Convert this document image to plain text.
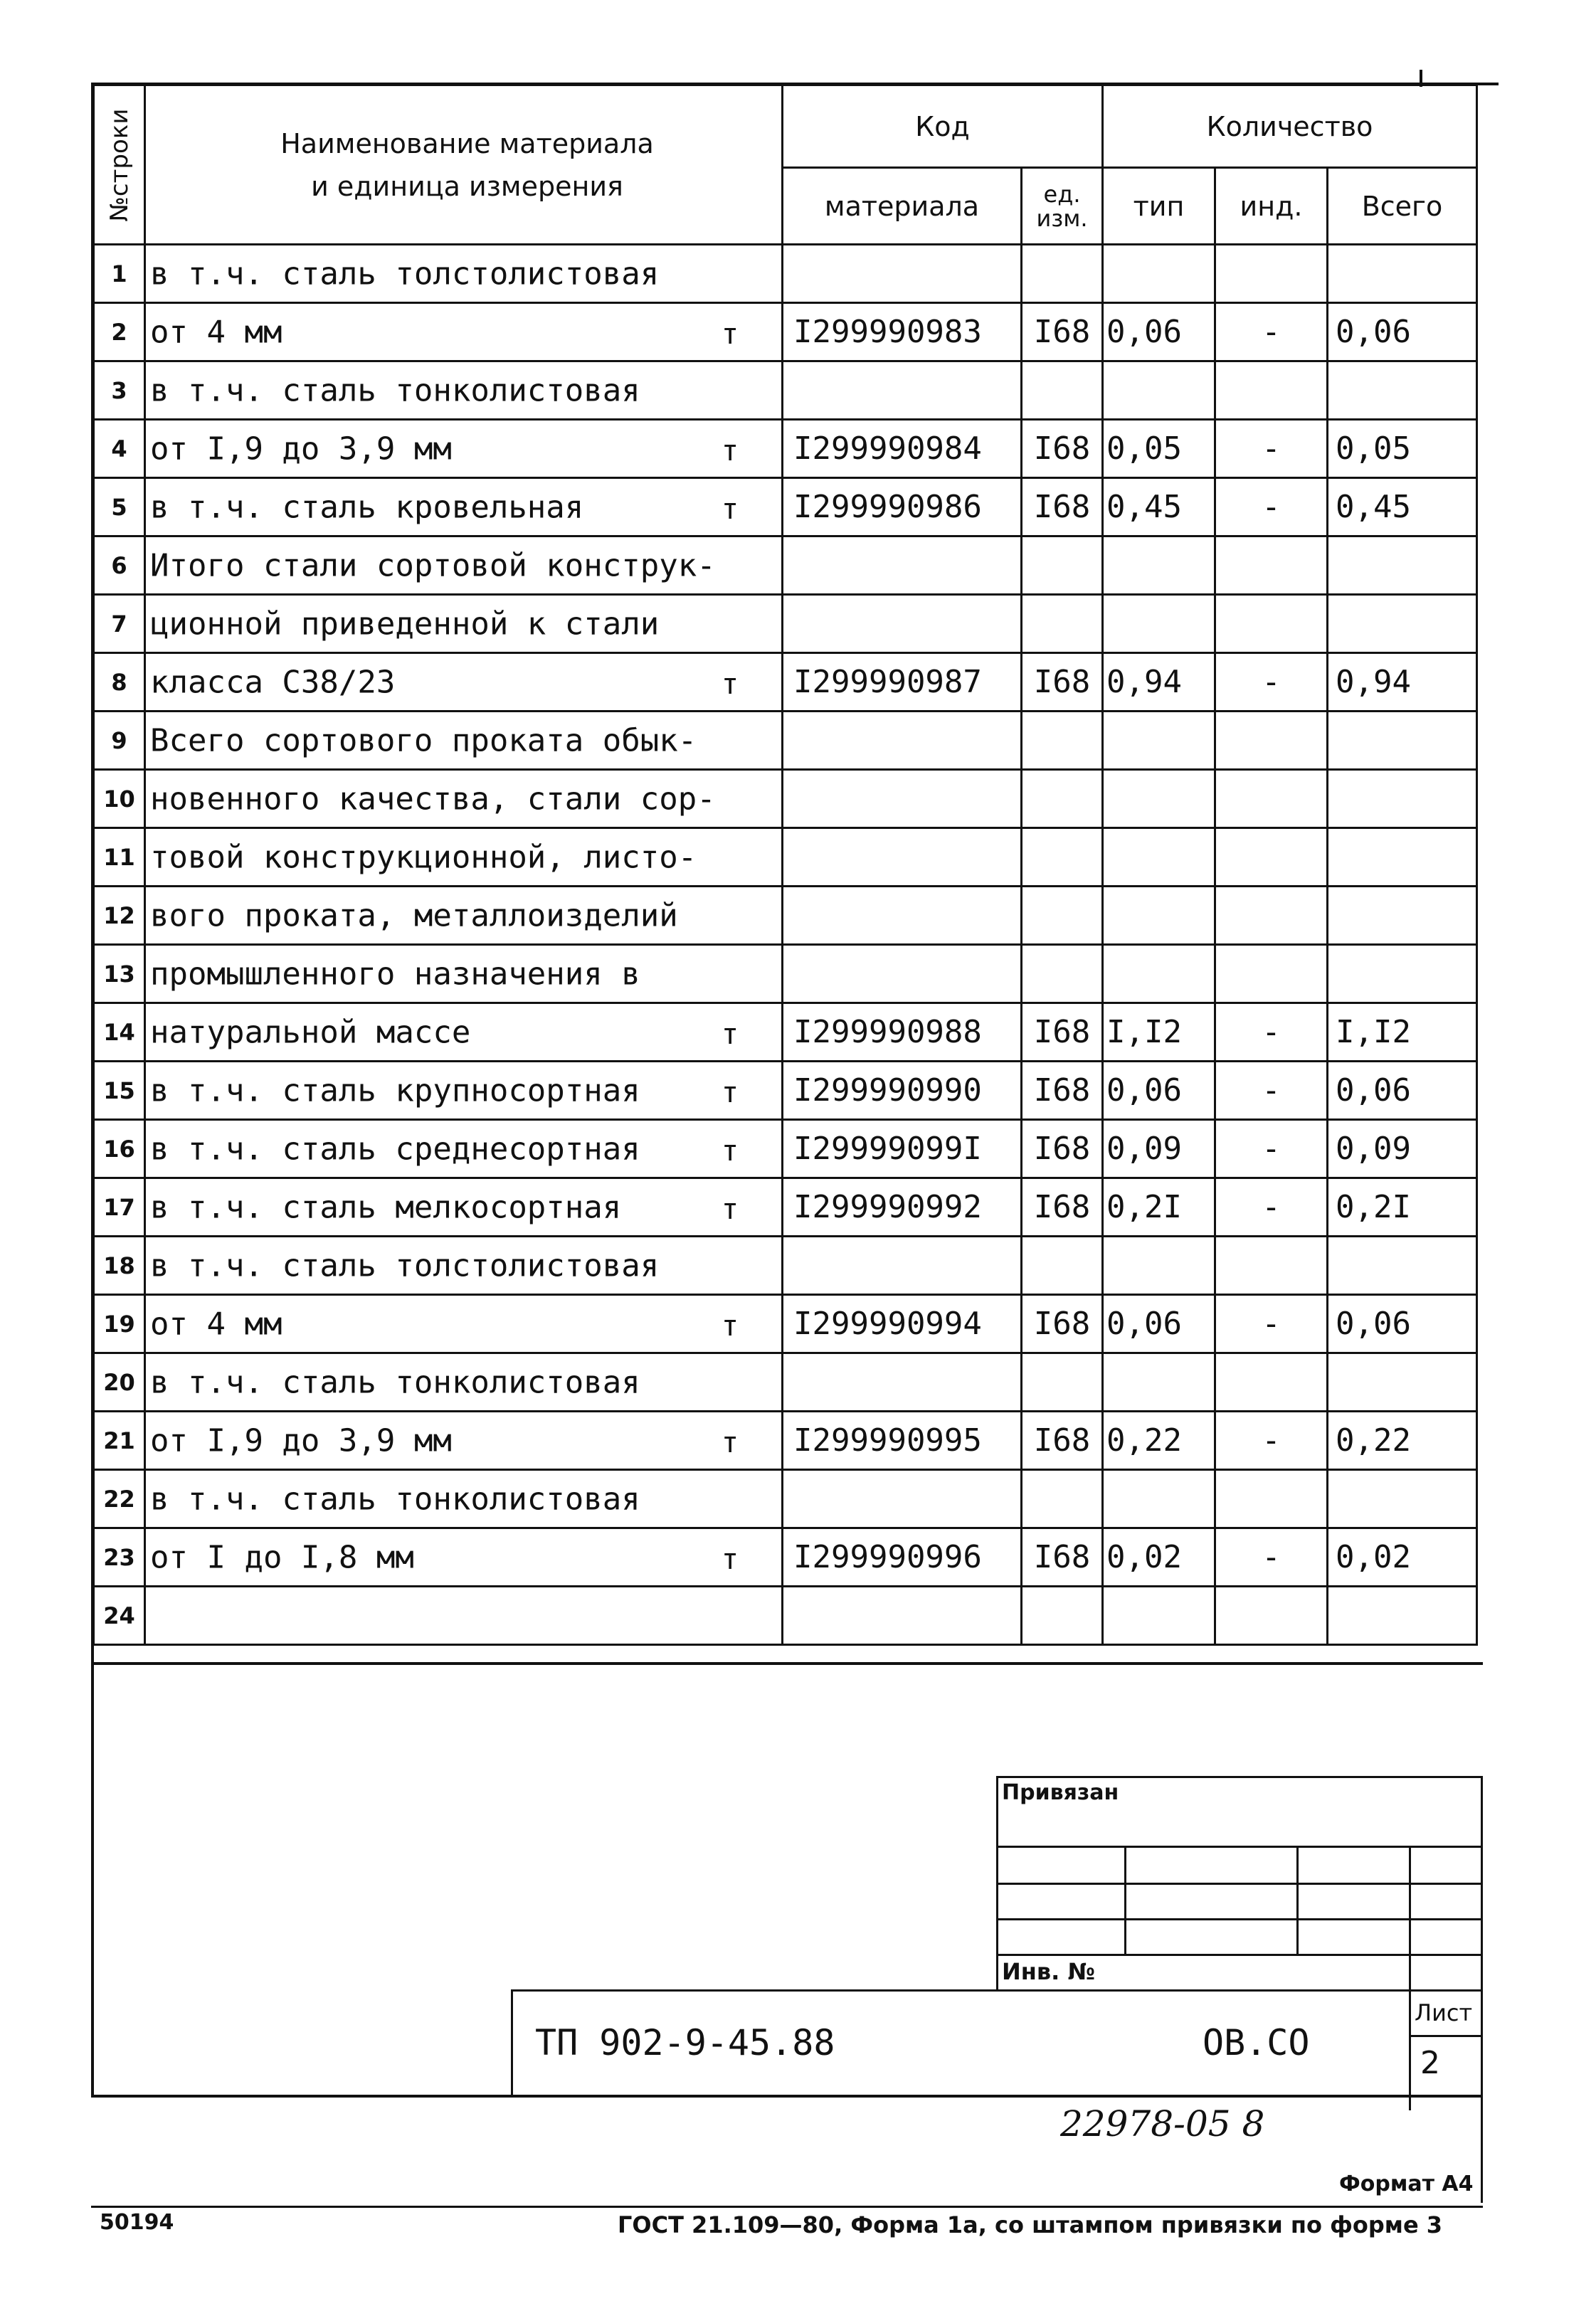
№строки	Наименование материала
и единица измерения	Код		Количество		
		материала	ед. изм.	тип	инд.	Всего
1	в т.ч. сталь толстолистовая					

2	от 4 мм т	I299990983	I68	0,06	-	0,06
3	в т.ч. сталь тонколистовая					

4	от I,9 до 3,9 мм т	I299990984	I68	0,05	-	0,05
5	в т.ч. сталь кровельная т	I299990986	I68	0,45	-	0,45
6	Итого стали сортовой конструк-					

7	ционной приведенной к стали					

8	класса С38/23 т	I299990987	I68	0,94	-	0,94
9	Всего сортового проката обык-					

10	новенного качества, стали сор-					

11	товой конструкционной, листо-					

12	вого проката, металлоизделий					

13	промышленного назначения в					

14	натуральной массе т	I299990988	I68	I,I2	-	I,I2
15	в т.ч. сталь крупносортная т	I299990990	I68	0,06	-	0,06
16	в т.ч. сталь среднесортная т	I29999099I	I68	0,09	-	0,09
17	в т.ч. сталь мелкосортная т	I299990992	I68	0,2I	-	0,2I
18	в т.ч. сталь толстолистовая					

19	от 4 мм т	I299990994	I68	0,06	-	0,06
20	в т.ч. сталь тонколистовая					

21	от I,9 до 3,9 мм т	I299990995	I68	0,22	-	0,22
22	в т.ч. сталь тонколистовая					

23	от I до I,8 мм т	I299990996	I68	0,02	-	0,02
24	

Привязан
Инв. №
ТП 902-9-45.88	ОВ.СО
Лист
2
22978-05 8
Формат А4
50194	ГОСТ 21.109—80, Форма 1а, со штампом привязки по форме 3
